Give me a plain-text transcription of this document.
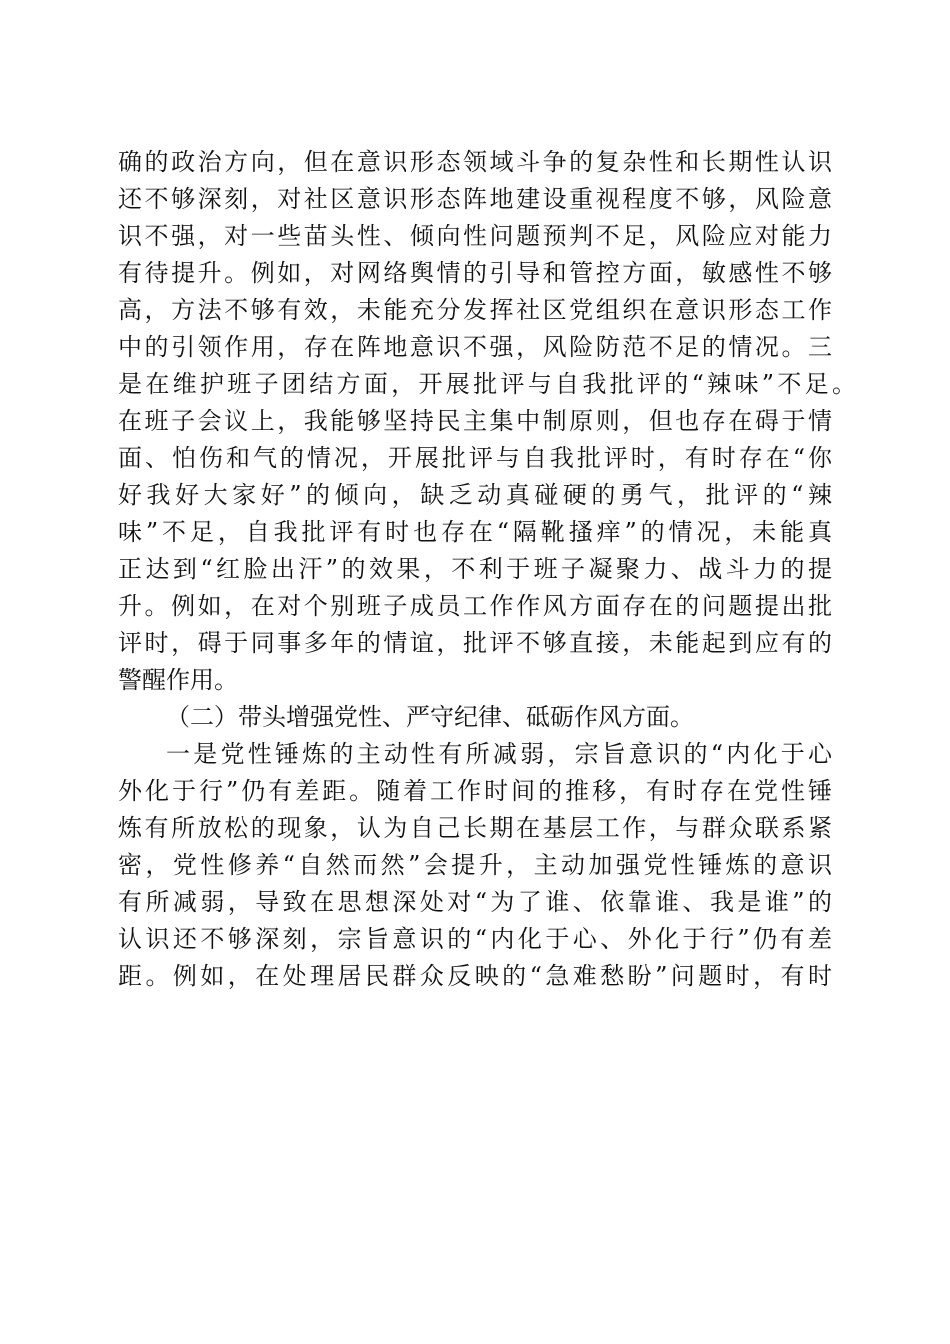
确的政治方向，但在意识形态领域斗争的复杂性和长期性认识
还不够深刻，对社区意识形态阵地建设重视程度不够，风险意
识不强，对一些苗头性、倾向性问题预判不足，风险应对能力
有待提升。例如，对网络舆情的引导和管控方面，敏感性不够
高，方法不够有效，未能充分发挥社区党组织在意识形态工作
中的引领作用，存在阵地意识不强，风险防范不足的情况。三
是在维护班子团结方面，开展批评与自我批评的“辣味”不足。
在班子会议上，我能够坚持民主集中制原则，但也存在碍于情
面、怕伤和气的情况，开展批评与自我批评时，有时存在“你
好我好大家好”的倾向，缺乏动真碰硬的勇气，批评的“辣
味”不足，自我批评有时也存在“隔靴搔痒”的情况，未能真
正达到“红脸出汗”的效果，不利于班子凝聚力、战斗力的提
升。例如，在对个别班子成员工作作风方面存在的问题提出批
评时，碍于同事多年的情谊，批评不够直接，未能起到应有的
警醒作用。
（二）带头增强党性、严守纪律、砥砺作风方面。
一是党性锤炼的主动性有所减弱，宗旨意识的“内化于心
外化于行”仍有差距。随着工作时间的推移，有时存在党性锤
炼有所放松的现象，认为自己长期在基层工作，与群众联系紧
密，党性修养“自然而然”会提升，主动加强党性锤炼的意识
有所减弱，导致在思想深处对“为了谁、依靠谁、我是谁”的
认识还不够深刻，宗旨意识的“内化于心、外化于行”仍有差
距。例如，在处理居民群众反映的“急难愁盼”问题时，有时
